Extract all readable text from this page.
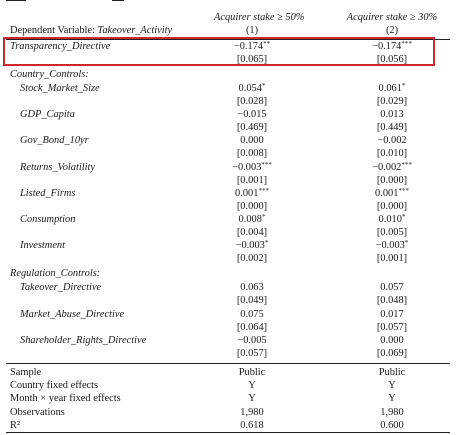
Dependent Variable: Takeover_Activity
Acquirer stake ≥ 50%	Acquirer stake ≥ 30%
(1)	(2)
Transparency_Directive	−0.174**	−0.174***
[0.065]	[0.056]
Country_Controls:
Stock_Market_Size	0.054*	0.061*
[0.028]	[0.029]
GDP_Capita	−0.015	0.013
[0.469]	[0.449]
Gov_Bond_10yr	0.000	−0.002
[0.008]	[0.010]
Returns_Volatility	−0.003***	−0.002***
[0.001]	[0.000]
Listed_Firms	0.001***	0.001***
[0.000]	[0.000]
Consumption	0.008*	0.010*
[0.004]	[0.005]
Investment	−0.003*	−0.003*
[0.002]	[0.001]
Regulation_Controls:
Takeover_Directive	0.063	0.057
[0.049]	[0.048]
Market_Abuse_Directive	0.075	0.017
[0.064]	[0.057]
Shareholder_Rights_Directive	−0.005	0.000
[0.057]	[0.069]
Sample	Public	Public
Country fixed effects	Y	Y
Month × year fixed effects	Y	Y
Observations	1,980	1,980
R²	0.618	0.600
